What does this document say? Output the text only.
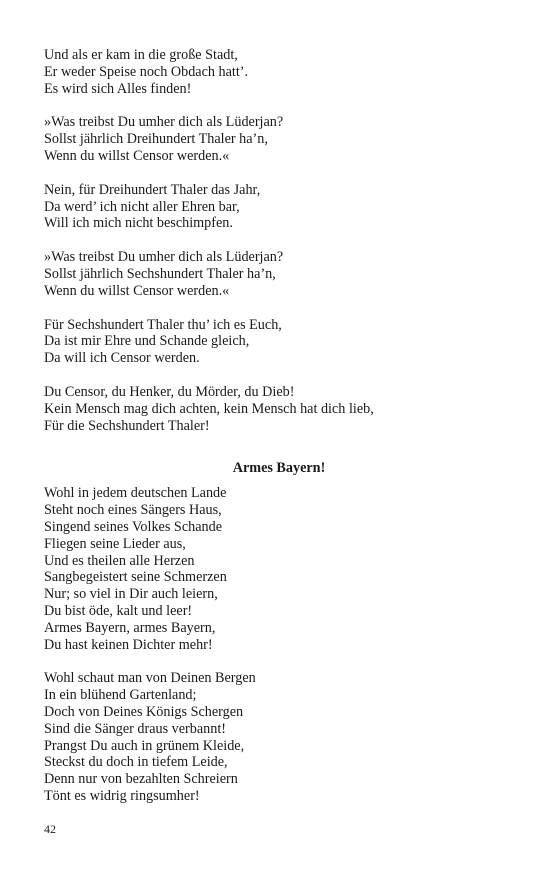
Und als er kam in die große Stadt,
Er weder Speise noch Obdach hatt’.
Es wird sich Alles finden!
»Was treibst Du umher dich als Lüderjan?
Sollst jährlich Dreihundert Thaler ha’n,
Wenn du willst Censor werden.«
Nein, für Dreihundert Thaler das Jahr,
Da werd’ ich nicht aller Ehren bar,
Will ich mich nicht beschimpfen.
»Was treibst Du umher dich als Lüderjan?
Sollst jährlich Sechshundert Thaler ha’n,
Wenn du willst Censor werden.«
Für Sechshundert Thaler thu’ ich es Euch,
Da ist mir Ehre und Schande gleich,
Da will ich Censor werden.
Du Censor, du Henker, du Mörder, du Dieb!
Kein Mensch mag dich achten, kein Mensch hat dich lieb,
Für die Sechshundert Thaler!
Armes Bayern!
Wohl in jedem deutschen Lande
Steht noch eines Sängers Haus,
Singend seines Volkes Schande
Fliegen seine Lieder aus,
Und es theilen alle Herzen
Sangbegeistert seine Schmerzen
Nur; so viel in Dir auch leiern,
Du bist öde, kalt und leer!
Armes Bayern, armes Bayern,
Du hast keinen Dichter mehr!
Wohl schaut man von Deinen Bergen
In ein blühend Gartenland;
Doch von Deines Königs Schergen
Sind die Sänger draus verbannt!
Prangst Du auch in grünem Kleide,
Steckst du doch in tiefem Leide,
Denn nur von bezahlten Schreiern
Tönt es widrig ringsumher!
42
